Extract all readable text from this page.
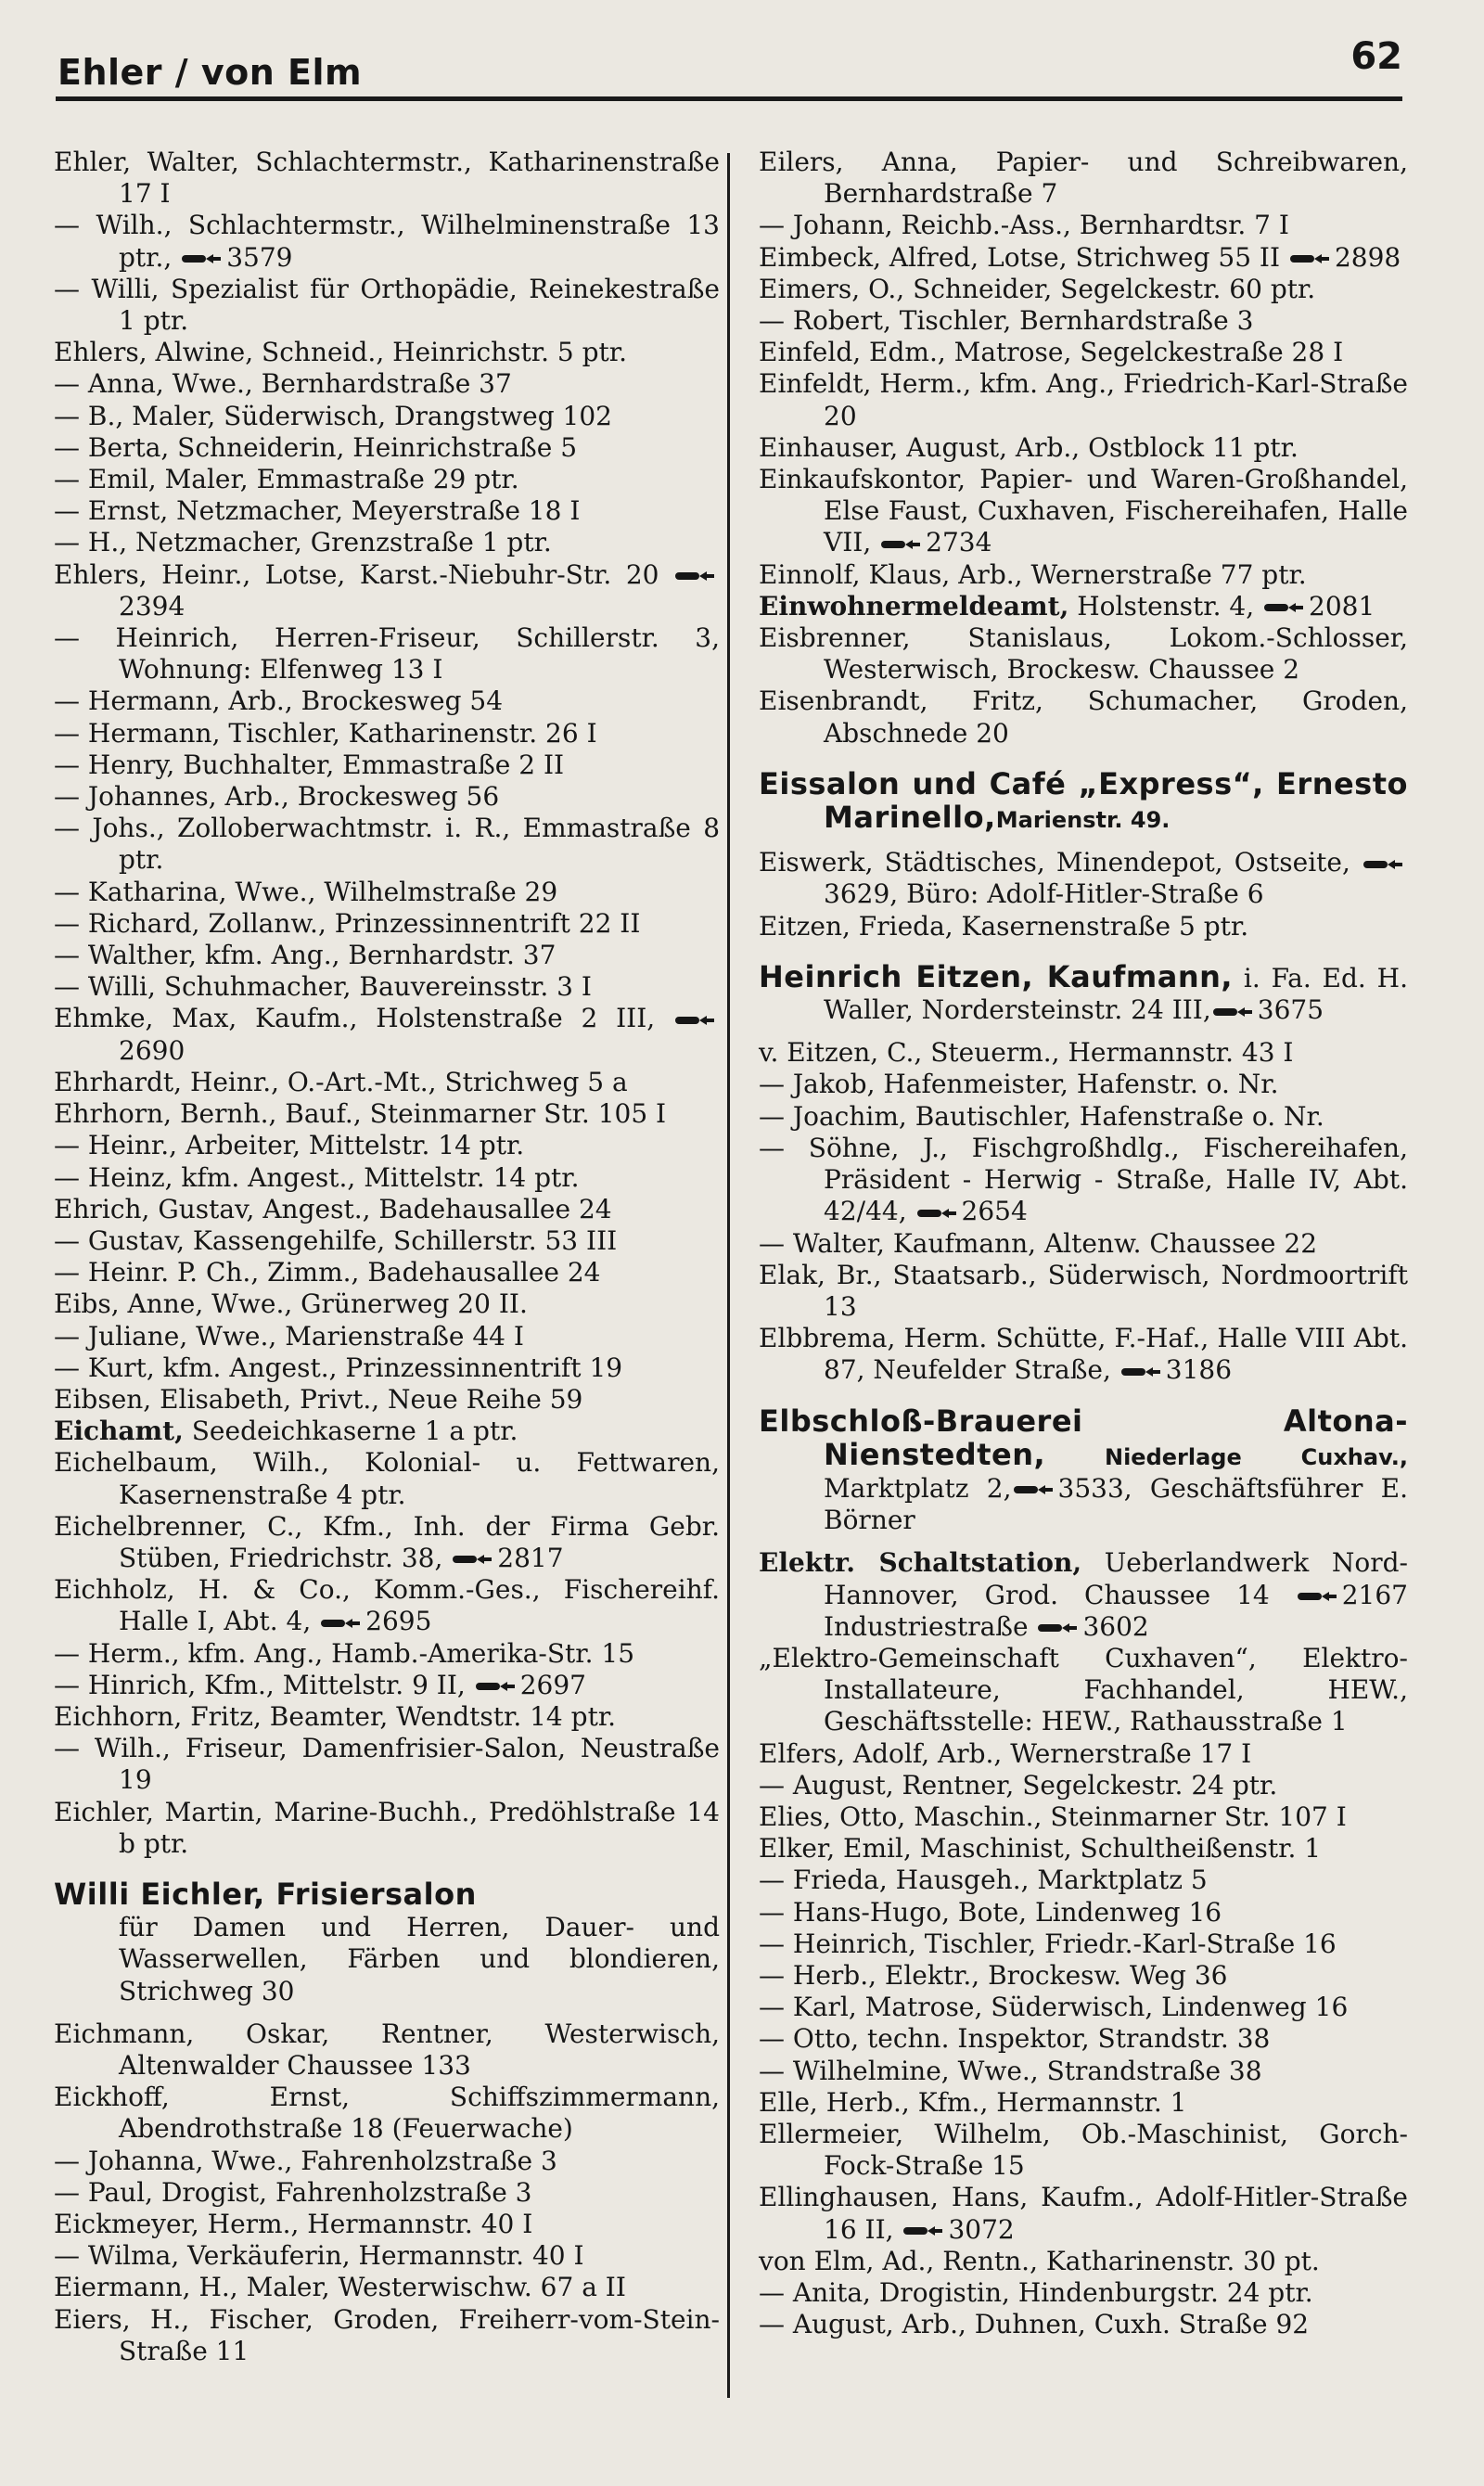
Ehler / von Elm	62

Ehler, Walter, Schlachtermstr., Katharinenstraße 17 I

— Wilh., Schlachtermstr., Wilhelminenstraße 13 ptr., 3579

— Willi, Spezialist für Orthopädie, Reinekestraße 1 ptr.

Ehlers, Alwine, Schneid., Heinrichstr. 5 ptr.

— Anna, Wwe., Bernhardstraße 37

— B., Maler, Süderwisch, Drangstweg 102

— Berta, Schneiderin, Heinrichstraße 5

— Emil, Maler, Emmastraße 29 ptr.

— Ernst, Netzmacher, Meyerstraße 18 I

— H., Netzmacher, Grenzstraße 1 ptr.

Ehlers, Heinr., Lotse, Karst.-Niebuhr-Str. 20
2394

— Heinrich, Herren-Friseur, Schillerstr. 3, Wohnung: Elfenweg 13 I

— Hermann, Arb., Brockesweg 54

— Hermann, Tischler, Katharinenstr. 26 I

— Henry, Buchhalter, Emmastraße 2 II

— Johannes, Arb., Brockesweg 56

— Johs., Zolloberwachtmstr. i. R., Emmastraße 8 ptr.

— Katharina, Wwe., Wilhelmstraße 29

— Richard, Zollanw., Prinzessinnentrift 22 II

— Walther, kfm. Ang., Bernhardstr. 37

— Willi, Schuhmacher, Bauvereinsstr. 3 I

Ehmke, Max, Kaufm., Holstenstraße 2 III,
2690

Ehrhardt, Heinr., O.-Art.-Mt., Strichweg 5 a

Ehrhorn, Bernh., Bauf., Steinmarner Str. 105 I

— Heinr., Arbeiter, Mittelstr. 14 ptr.

— Heinz, kfm. Angest., Mittelstr. 14 ptr.

Ehrich, Gustav, Angest., Badehausallee 24

— Gustav, Kassengehilfe, Schillerstr. 53 III

— Heinr. P. Ch., Zimm., Badehausallee 24

Eibs, Anne, Wwe., Grünerweg 20 II.

— Juliane, Wwe., Marienstraße 44 I

— Kurt, kfm. Angest., Prinzessinnentrift 19

Eibsen, Elisabeth, Privt., Neue Reihe 59

Eichamt, Seedeichkaserne 1 a ptr.

Eichelbaum, Wilh., Kolonial- u. Fettwaren, Kasernenstraße 4 ptr.

Eichelbrenner, C., Kfm., Inh. der Firma Gebr. Stüben, Friedrichstr. 38, 2817

Eichholz, H. & Co., Komm.-Ges., Fischereihf. Halle I, Abt. 4, 2695

— Herm., kfm. Ang., Hamb.-Amerika-Str. 15

— Hinrich, Kfm., Mittelstr. 9 II, 2697

Eichhorn, Fritz, Beamter, Wendtstr. 14 ptr.

— Wilh., Friseur, Damenfrisier-Salon, Neustraße 19

Eichler, Martin, Marine-Buchh., Predöhlstraße 14 b ptr.

Willi Eichler, Frisiersalon

für Damen und Herren, Dauer- und Wasserwellen, Färben und blondieren, Strichweg 30

Eichmann, Oskar, Rentner, Westerwisch, Altenwalder Chaussee 133

Eickhoff, Ernst, Schiffszimmermann, Abendrothstraße 18 (Feuerwache)

— Johanna, Wwe., Fahrenholzstraße 3

— Paul, Drogist, Fahrenholzstraße 3

Eickmeyer, Herm., Hermannstr. 40 I

— Wilma, Verkäuferin, Hermannstr. 40 I

Eiermann, H., Maler, Westerwischw. 67 a II

Eiers, H., Fischer, Groden, Freiherr-vom-Stein-Straße 11

Eilers, Anna, Papier- und Schreibwaren, Bernhardstraße 7

— Johann, Reichb.-Ass., Bernhardtsr. 7 I

Eimbeck, Alfred, Lotse, Strichweg 55 II 2898

Eimers, O., Schneider, Segelckestr. 60 ptr.

— Robert, Tischler, Bernhardstraße 3

Einfeld, Edm., Matrose, Segelckestraße 28 I

Einfeldt, Herm., kfm. Ang., Friedrich-Karl-Straße 20

Einhauser, August, Arb., Ostblock 11 ptr.

Einkaufskontor, Papier- und Waren-Großhandel, Else Faust, Cuxhaven, Fischereihafen, Halle VII, 2734

Einnolf, Klaus, Arb., Wernerstraße 77 ptr.

Einwohnermeldeamt, Holstenstr. 4, 2081

Eisbrenner, Stanislaus, Lokom.-Schlosser, Westerwisch, Brockesw. Chaussee 2

Eisenbrandt, Fritz, Schumacher, Groden, Abschnede 20

Eissalon und Café „Express“, Ernesto Marinello,Marienstr. 49.

Eiswerk, Städtisches, Minendepot, Ostseite,
3629, Büro: Adolf-Hitler-Straße 6

Eitzen, Frieda, Kasernenstraße 5 ptr.

Heinrich Eitzen, Kaufmann, i. Fa. Ed. H. Waller, Nordersteinstr. 24 III, 3675

v. Eitzen, C., Steuerm., Hermannstr. 43 I

— Jakob, Hafenmeister, Hafenstr. o. Nr.

— Joachim, Bautischler, Hafenstraße o. Nr.

— Söhne, J., Fischgroßhdlg., Fischereihafen, Präsident - Herwig - Straße, Halle IV, Abt. 42/44, 2654

— Walter, Kaufmann, Altenw. Chaussee 22

Elak, Br., Staatsarb., Süderwisch, Nordmoortrift 13

Elbbrema, Herm. Schütte, F.-Haf., Halle VIII Abt. 87, Neufelder Straße, 3186

Elbschloß-Brauerei Altona-Nienstedten, Niederlage Cuxhav., Marktplatz 2, 3533, Geschäftsführer E. Börner

Elektr. Schaltstation, Ueberlandwerk Nord-Hannover, Grod. Chaussee 14	2167 Industriestraße 3602

„Elektro-Gemeinschaft Cuxhaven“, Elektro-Installateure, Fachhandel, HEW., Geschäftsstelle: HEW., Rathausstraße 1

Elfers, Adolf, Arb., Wernerstraße 17 I

— August, Rentner, Segelckestr. 24 ptr.

Elies, Otto, Maschin., Steinmarner Str. 107 I

Elker, Emil, Maschinist, Schultheißenstr. 1

— Frieda, Hausgeh., Marktplatz 5

— Hans-Hugo, Bote, Lindenweg 16

— Heinrich, Tischler, Friedr.-Karl-Straße 16

— Herb., Elektr., Brockesw. Weg 36

— Karl, Matrose, Süderwisch, Lindenweg 16

— Otto, techn. Inspektor, Strandstr. 38

— Wilhelmine, Wwe., Strandstraße 38

Elle, Herb., Kfm., Hermannstr. 1

Ellermeier, Wilhelm, Ob.-Maschinist, Gorch-Fock-Straße 15

Ellinghausen, Hans, Kaufm., Adolf-Hitler-Straße 16 II, 3072

von Elm, Ad., Rentn., Katharinenstr. 30 pt.

— Anita, Drogistin, Hindenburgstr. 24 ptr.

— August, Arb., Duhnen, Cuxh. Straße 92
